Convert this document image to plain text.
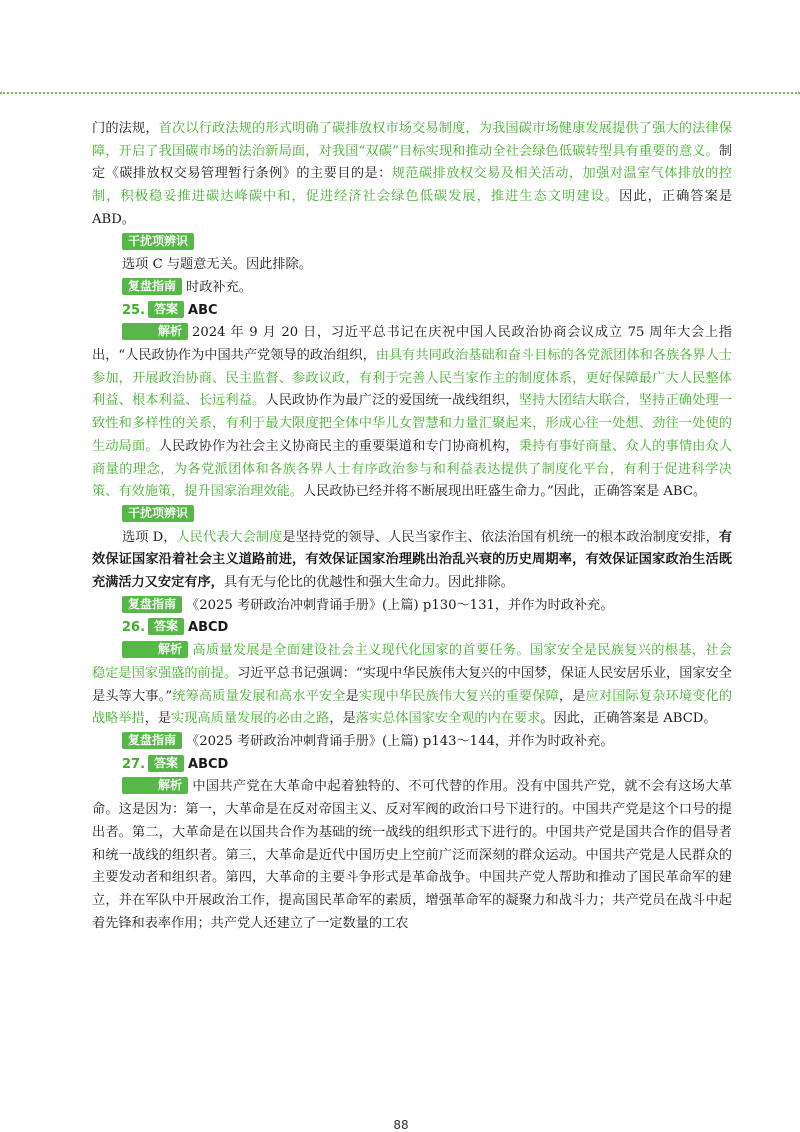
门的法规，首次以行政法规的形式明确了碳排放权市场交易制度，为我国碳市场健康发展提供了强大的法律保障，开启了我国碳市场的法治新局面，对我国“双碳”目标实现和推动全社会绿色低碳转型具有重要的意义。制定《碳排放权交易管理暂行条例》的主要目的是：规范碳排放权交易及相关活动，加强对温室气体排放的控制，积极稳妥推进碳达峰碳中和，促进经济社会绿色低碳发展，推进生态文明建设。因此，正确答案是 ABD。

干扰项辨识

选项 C 与题意无关。因此排除。

复盘指南 时政补充。

25. 答案 ABC

解析 2024 年 9 月 20 日，习近平总书记在庆祝中国人民政治协商会议成立 75 周年大会上指出，“人民政协作为中国共产党领导的政治组织，由具有共同政治基础和奋斗目标的各党派团体和各族各界人士参加，开展政治协商、民主监督、参政议政，有利于完善人民当家作主的制度体系，更好保障最广大人民整体利益、根本利益、长远利益。人民政协作为最广泛的爱国统一战线组织，坚持大团结大联合，坚持正确处理一致性和多样性的关系，有利于最大限度把全体中华儿女智慧和力量汇聚起来，形成心往一处想、劲往一处使的生动局面。人民政协作为社会主义协商民主的重要渠道和专门协商机构，秉持有事好商量、众人的事情由众人商量的理念，为各党派团体和各族各界人士有序政治参与和利益表达提供了制度化平台，有利于促进科学决策、有效施策，提升国家治理效能。人民政协已经并将不断展现出旺盛生命力。”因此，正确答案是 ABC。

干扰项辨识

选项 D，人民代表大会制度是坚持党的领导、人民当家作主、依法治国有机统一的根本政治制度安排，有效保证国家沿着社会主义道路前进，有效保证国家治理跳出治乱兴衰的历史周期率，有效保证国家政治生活既充满活力又安定有序，具有无与伦比的优越性和强大生命力。因此排除。

复盘指南 《2025 考研政治冲刺背诵手册》(上篇) p130～131，并作为时政补充。

26. 答案 ABCD

解析 高质量发展是全面建设社会主义现代化国家的首要任务。国家安全是民族复兴的根基，社会稳定是国家强盛的前提。习近平总书记强调：“实现中华民族伟大复兴的中国梦，保证人民安居乐业，国家安全是头等大事。”统筹高质量发展和高水平安全是实现中华民族伟大复兴的重要保障，是应对国际复杂环境变化的战略举措，是实现高质量发展的必由之路，是落实总体国家安全观的内在要求。因此，正确答案是 ABCD。

复盘指南 《2025 考研政治冲刺背诵手册》(上篇) p143～144，并作为时政补充。

27. 答案 ABCD

解析 中国共产党在大革命中起着独特的、不可代替的作用。没有中国共产党，就不会有这场大革命。这是因为：第一，大革命是在反对帝国主义、反对军阀的政治口号下进行的。中国共产党是这个口号的提出者。第二，大革命是在以国共合作为基础的统一战线的组织形式下进行的。中国共产党是国共合作的倡导者和统一战线的组织者。第三，大革命是近代中国历史上空前广泛而深刻的群众运动。中国共产党是人民群众的主要发动者和组织者。第四，大革命的主要斗争形式是革命战争。中国共产党人帮助和推动了国民革命军的建立，并在军队中开展政治工作，提高国民革命军的素质，增强革命军的凝聚力和战斗力；共产党员在战斗中起着先锋和表率作用；共产党人还建立了一定数量的工农

88
